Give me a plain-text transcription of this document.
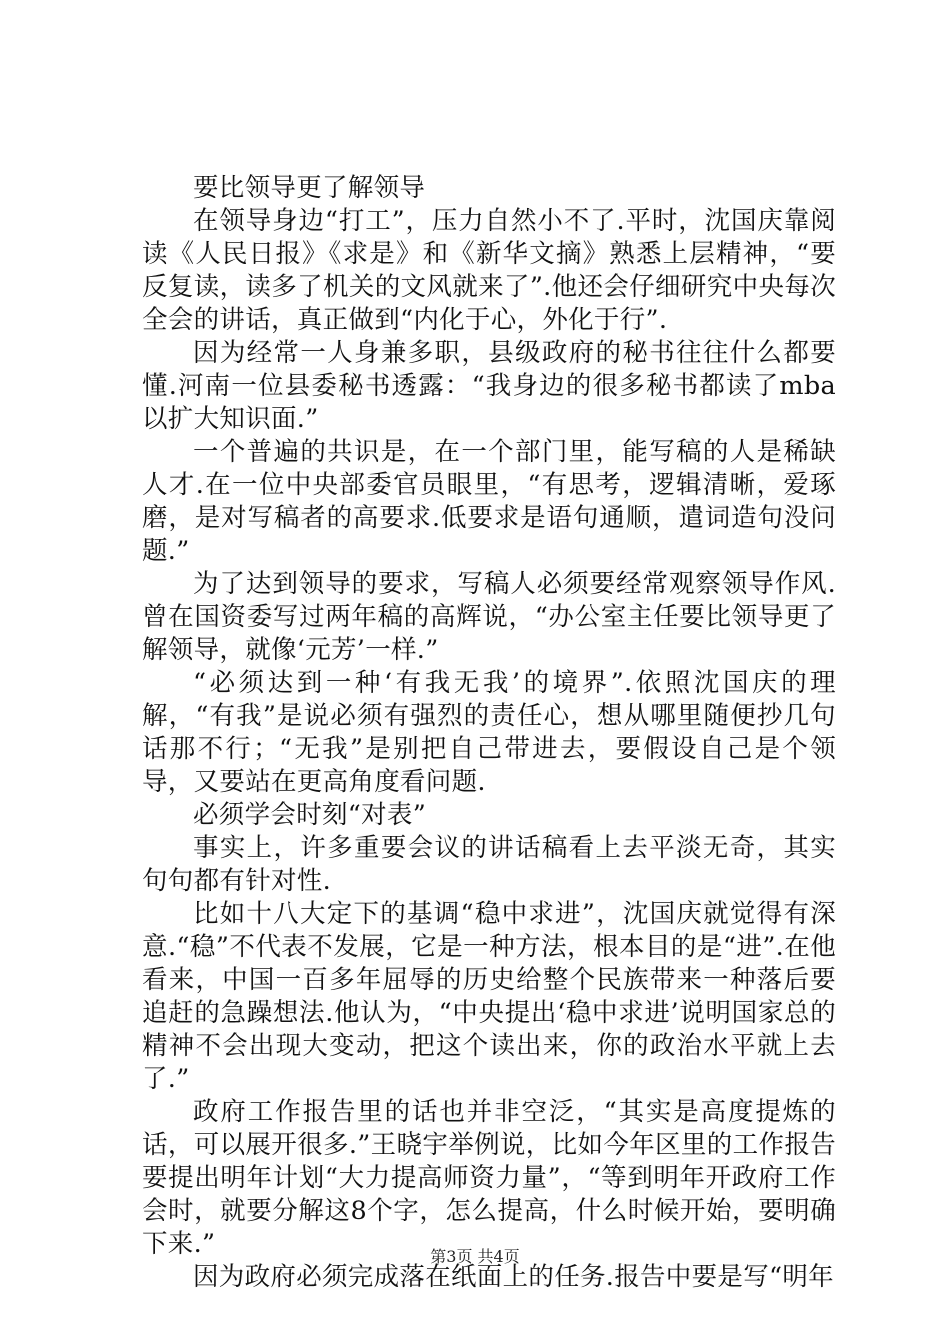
要比领导更了解领导

在领导身边“打工”，压力自然小不了.平时，沈国庆靠阅读《人民日报》《求是》和《新华文摘》熟悉上层精神，“要反复读，读多了机关的文风就来了”.他还会仔细研究中央每次全会的讲话，真正做到“内化于心，外化于行”.

因为经常一人身兼多职，县级政府的秘书往往什么都要懂.河南一位县委秘书透露：“我身边的很多秘书都读了mba以扩大知识面.”

一个普遍的共识是，在一个部门里，能写稿的人是稀缺人才.在一位中央部委官员眼里，“有思考，逻辑清晰，爱琢磨，是对写稿者的高要求.低要求是语句通顺，遣词造句没问题.”

为了达到领导的要求，写稿人必须要经常观察领导作风.曾在国资委写过两年稿的高辉说，“办公室主任要比领导更了解领导，就像‘元芳’一样.”

“必须达到一种‘有我无我’的境界”.依照沈国庆的理解，“有我”是说必须有强烈的责任心，想从哪里随便抄几句话那不行；“无我”是别把自己带进去，要假设自己是个领导，又要站在更高角度看问题.

必须学会时刻“对表”

事实上，许多重要会议的讲话稿看上去平淡无奇，其实句句都有针对性.

比如十八大定下的基调“稳中求进”，沈国庆就觉得有深意.“稳”不代表不发展，它是一种方法，根本目的是“进”.在他看来，中国一百多年屈辱的历史给整个民族带来一种落后要追赶的急躁想法.他认为，“中央提出‘稳中求进’说明国家总的精神不会出现大变动，把这个读出来，你的政治水平就上去了.”

政府工作报告里的话也并非空泛，“其实是高度提炼的话，可以展开很多.”王晓宇举例说，比如今年区里的工作报告要提出明年计划“大力提高师资力量”，“等到明年开政府工作会时，就要分解这8个字，怎么提高，什么时候开始，要明确下来.”

因为政府必须完成落在纸面上的任务.报告中要是写“明年

第3页 共4页
